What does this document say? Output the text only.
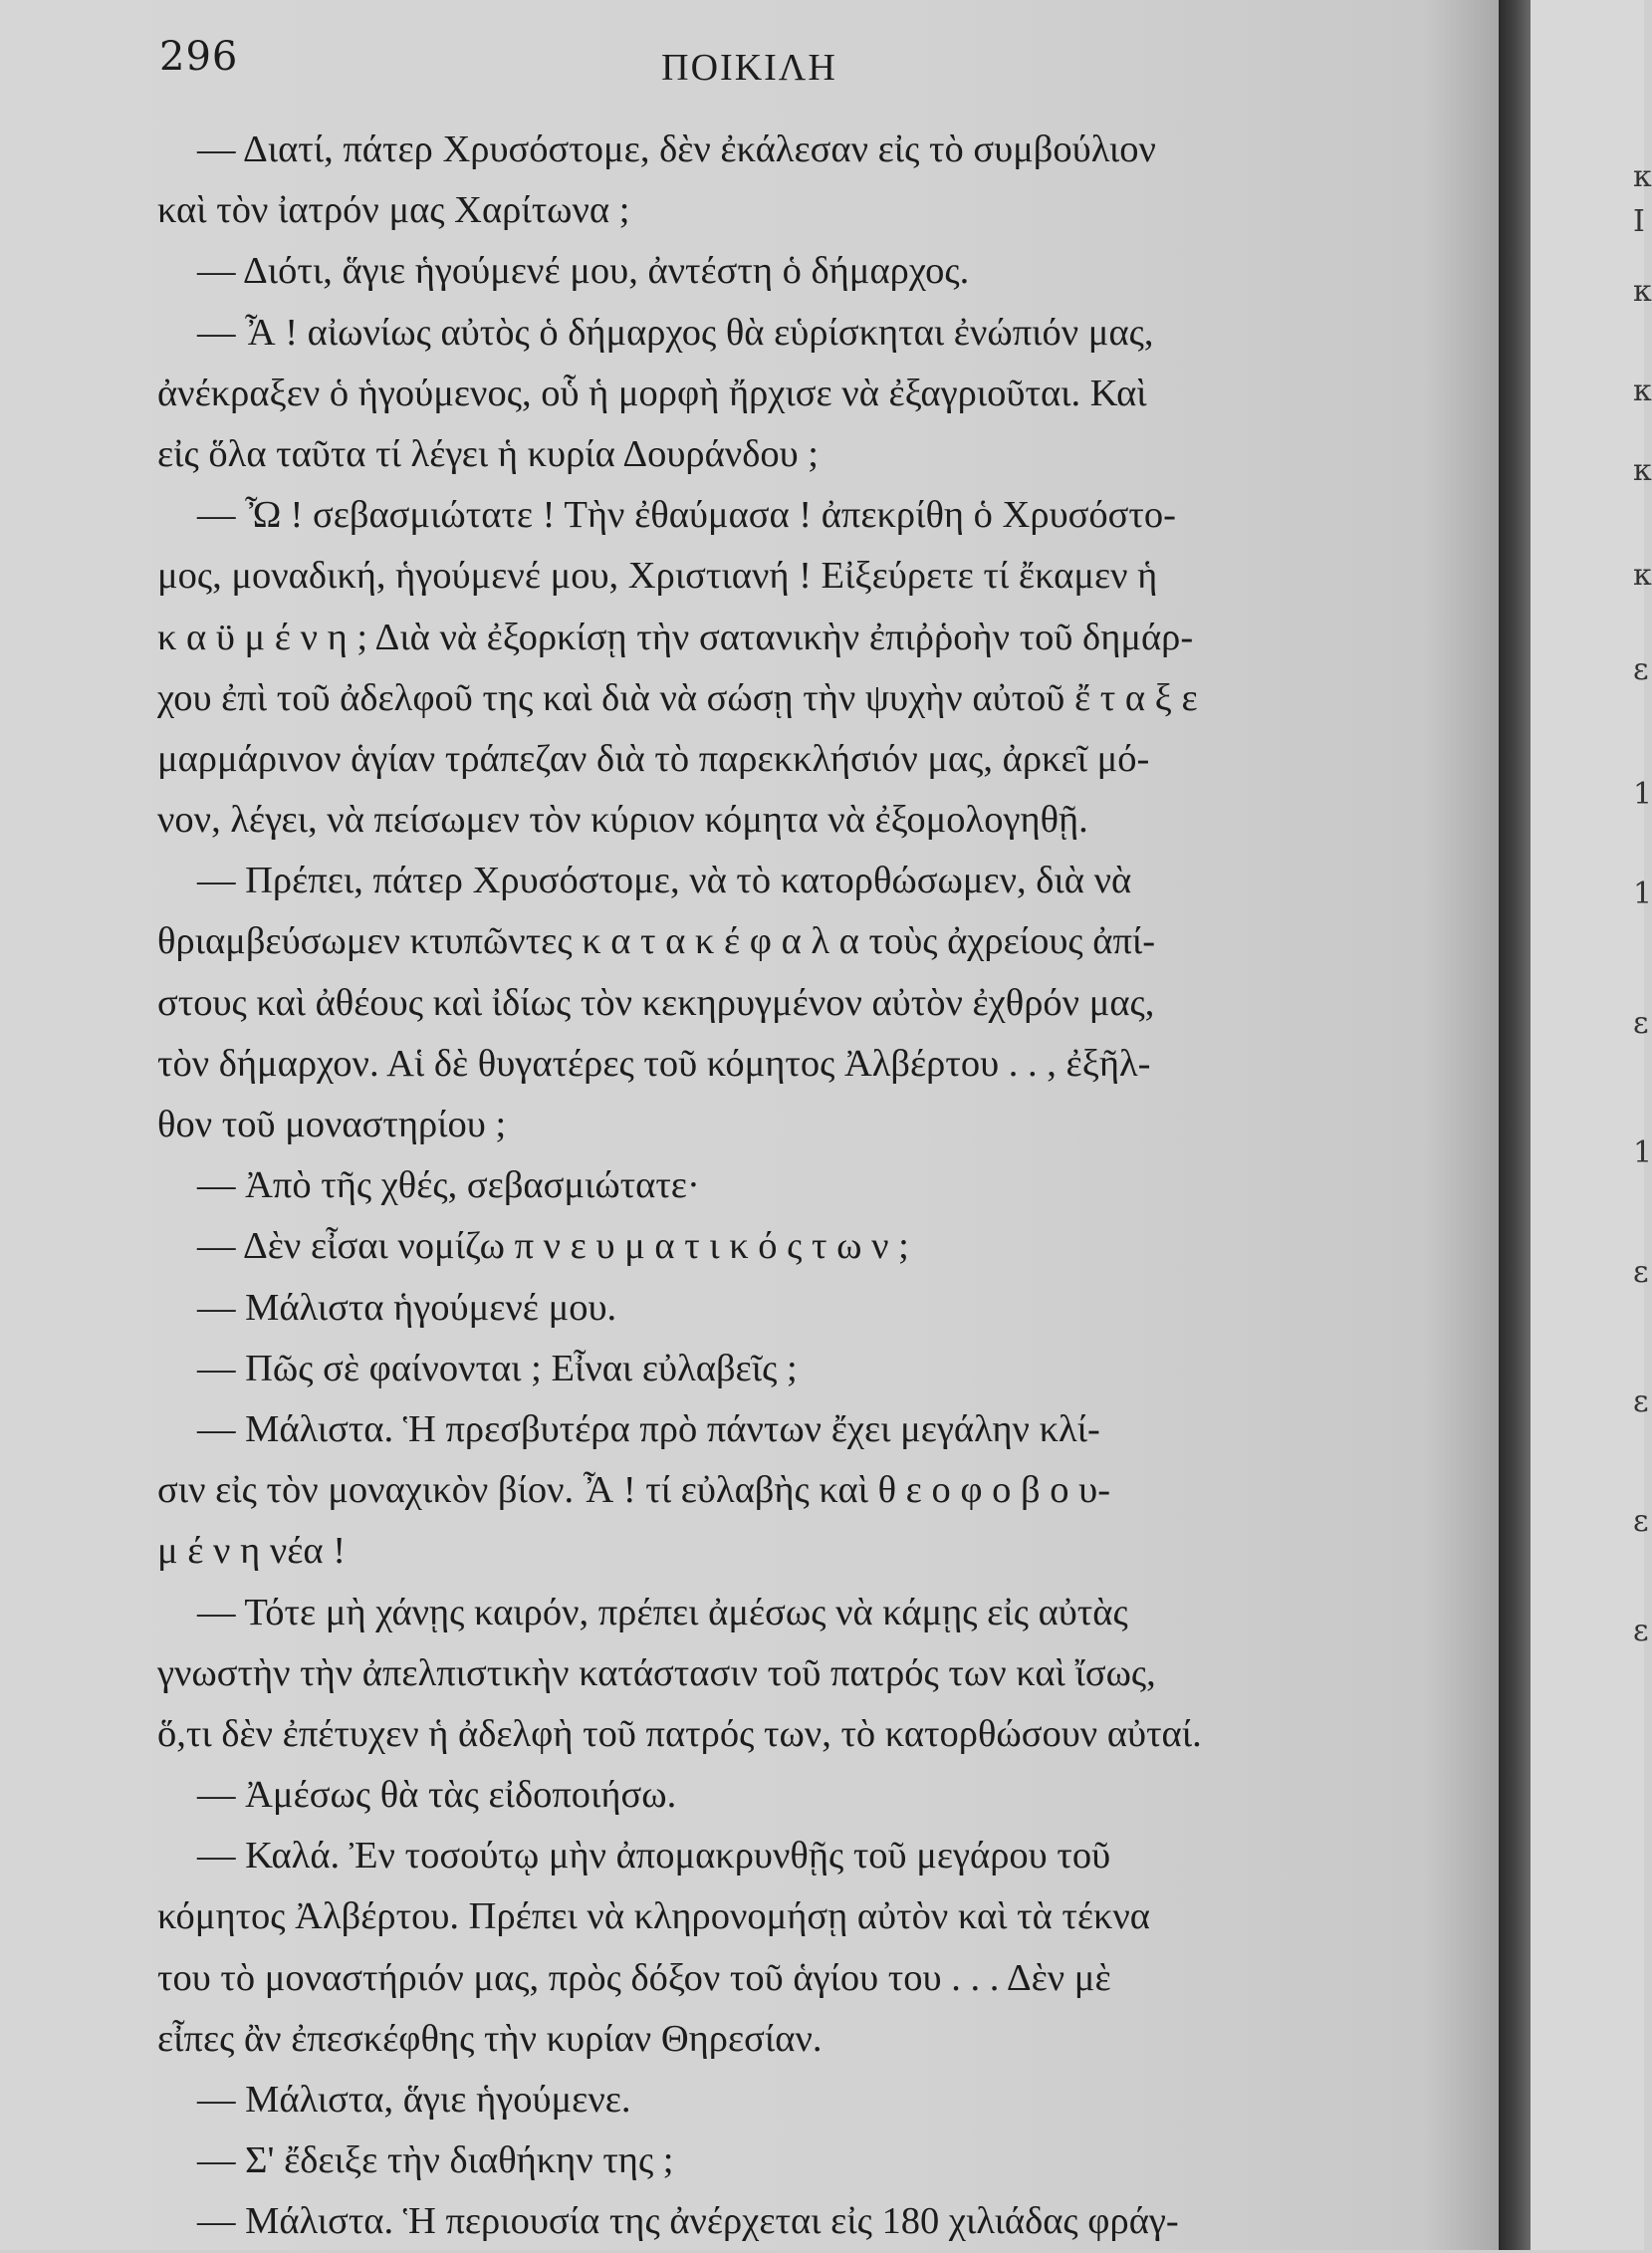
296	ΠΟΙΚΙΛΗ
— Διατί, πάτερ Χρυσόστομε, δὲν ἐκάλεσαν εἰς τὸ συμβούλιον
καὶ τὸν ἰατρόν μας Χαρίτωνα ;
— Διότι, ἅγιε ἡγούμενέ μου, ἀντέστη ὁ δήμαρχος.
— Ἆ ! αἰωνίως αὐτὸς ὁ δήμαρχος θὰ εὑρίσκηται ἐνώπιόν μας,
ἀνέκραξεν ὁ ἡγούμενος, οὗ ἡ μορφὴ ἤρχισε νὰ ἐξαγριοῦται. Καὶ
εἰς ὅλα ταῦτα τί λέγει ἡ κυρία Δουράνδου ;
— Ὦ ! σεβασμιώτατε ! Τὴν ἐθαύμασα ! ἀπεκρίθη ὁ Χρυσόστο-
μος, μοναδική, ἡγούμενέ μου, Χριστιανή ! Εἰξεύρετε τί ἔκαμεν ἡ
κ α ϋ μ έ ν η ; Διὰ νὰ ἐξορκίσῃ τὴν σατανικὴν ἐπιῤῥοὴν τοῦ δημάρ-
χου ἐπὶ τοῦ ἀδελφοῦ της καὶ διὰ νὰ σώσῃ τὴν ψυχὴν αὐτοῦ ἔ τ α ξ ε
μαρμάρινον ἁγίαν τράπεζαν διὰ τὸ παρεκκλήσιόν μας, ἀρκεῖ μό-
νον, λέγει, νὰ πείσωμεν τὸν κύριον κόμητα νὰ ἐξομολογηθῇ.
— Πρέπει, πάτερ Χρυσόστομε, νὰ τὸ κατορθώσωμεν, διὰ νὰ
θριαμβεύσωμεν κτυπῶντες κ α τ α κ έ φ α λ α τοὺς ἀχρείους ἀπί-
στους καὶ ἀθέους καὶ ἰδίως τὸν κεκηρυγμένον αὐτὸν ἐχθρόν μας,
τὸν δήμαρχον. Αἱ δὲ θυγατέρες τοῦ κόμητος Ἀλβέρτου . . , ἐξῆλ-
θον τοῦ μοναστηρίου ;
— Ἀπὸ τῆς χθές, σεβασμιώτατε·
— Δὲν εἶσαι νομίζω π ν ε υ μ α τ ι κ ό ς τ ω ν ;
— Μάλιστα ἡγούμενέ μου.
— Πῶς σὲ φαίνονται ; Εἶναι εὐλαβεῖς ;
— Μάλιστα. Ἡ πρεσβυτέρα πρὸ πάντων ἔχει μεγάλην κλί-
σιν εἰς τὸν μοναχικὸν βίον. Ἆ ! τί εὐλαβὴς καὶ θ ε ο φ ο β ο υ-
μ έ ν η νέα !
— Τότε μὴ χάνῃς καιρόν, πρέπει ἀμέσως νὰ κάμῃς εἰς αὐτὰς
γνωστὴν τὴν ἀπελπιστικὴν κατάστασιν τοῦ πατρός των καὶ ἴσως,
ὅ,τι δὲν ἐπέτυχεν ἡ ἀδελφὴ τοῦ πατρός των, τὸ κατορθώσουν αὐταί.
— Ἀμέσως θὰ τὰς εἰδοποιήσω.
— Καλά. Ἐν τοσούτῳ μὴν ἀπομακρυνθῇς τοῦ μεγάρου τοῦ
κόμητος Ἀλβέρτου. Πρέπει νὰ κληρονομήσῃ αὐτὸν καὶ τὰ τέκνα
του τὸ μοναστήριόν μας, πρὸς δόξον τοῦ ἁγίου του . . . Δὲν μὲ
εἶπες ἂν ἐπεσκέφθης τὴν κυρίαν Θηρεσίαν.
— Μάλιστα, ἅγιε ἡγούμενε.
— Σ' ἔδειξε τὴν διαθήκην της ;
— Μάλιστα. Ἡ περιουσία της ἀνέρχεται εἰς 180 χιλιάδας φράγ-
κ
Ι
κ
κ
κ
κ
ε
1
1
ε
1
ε
ε
ε
ε
